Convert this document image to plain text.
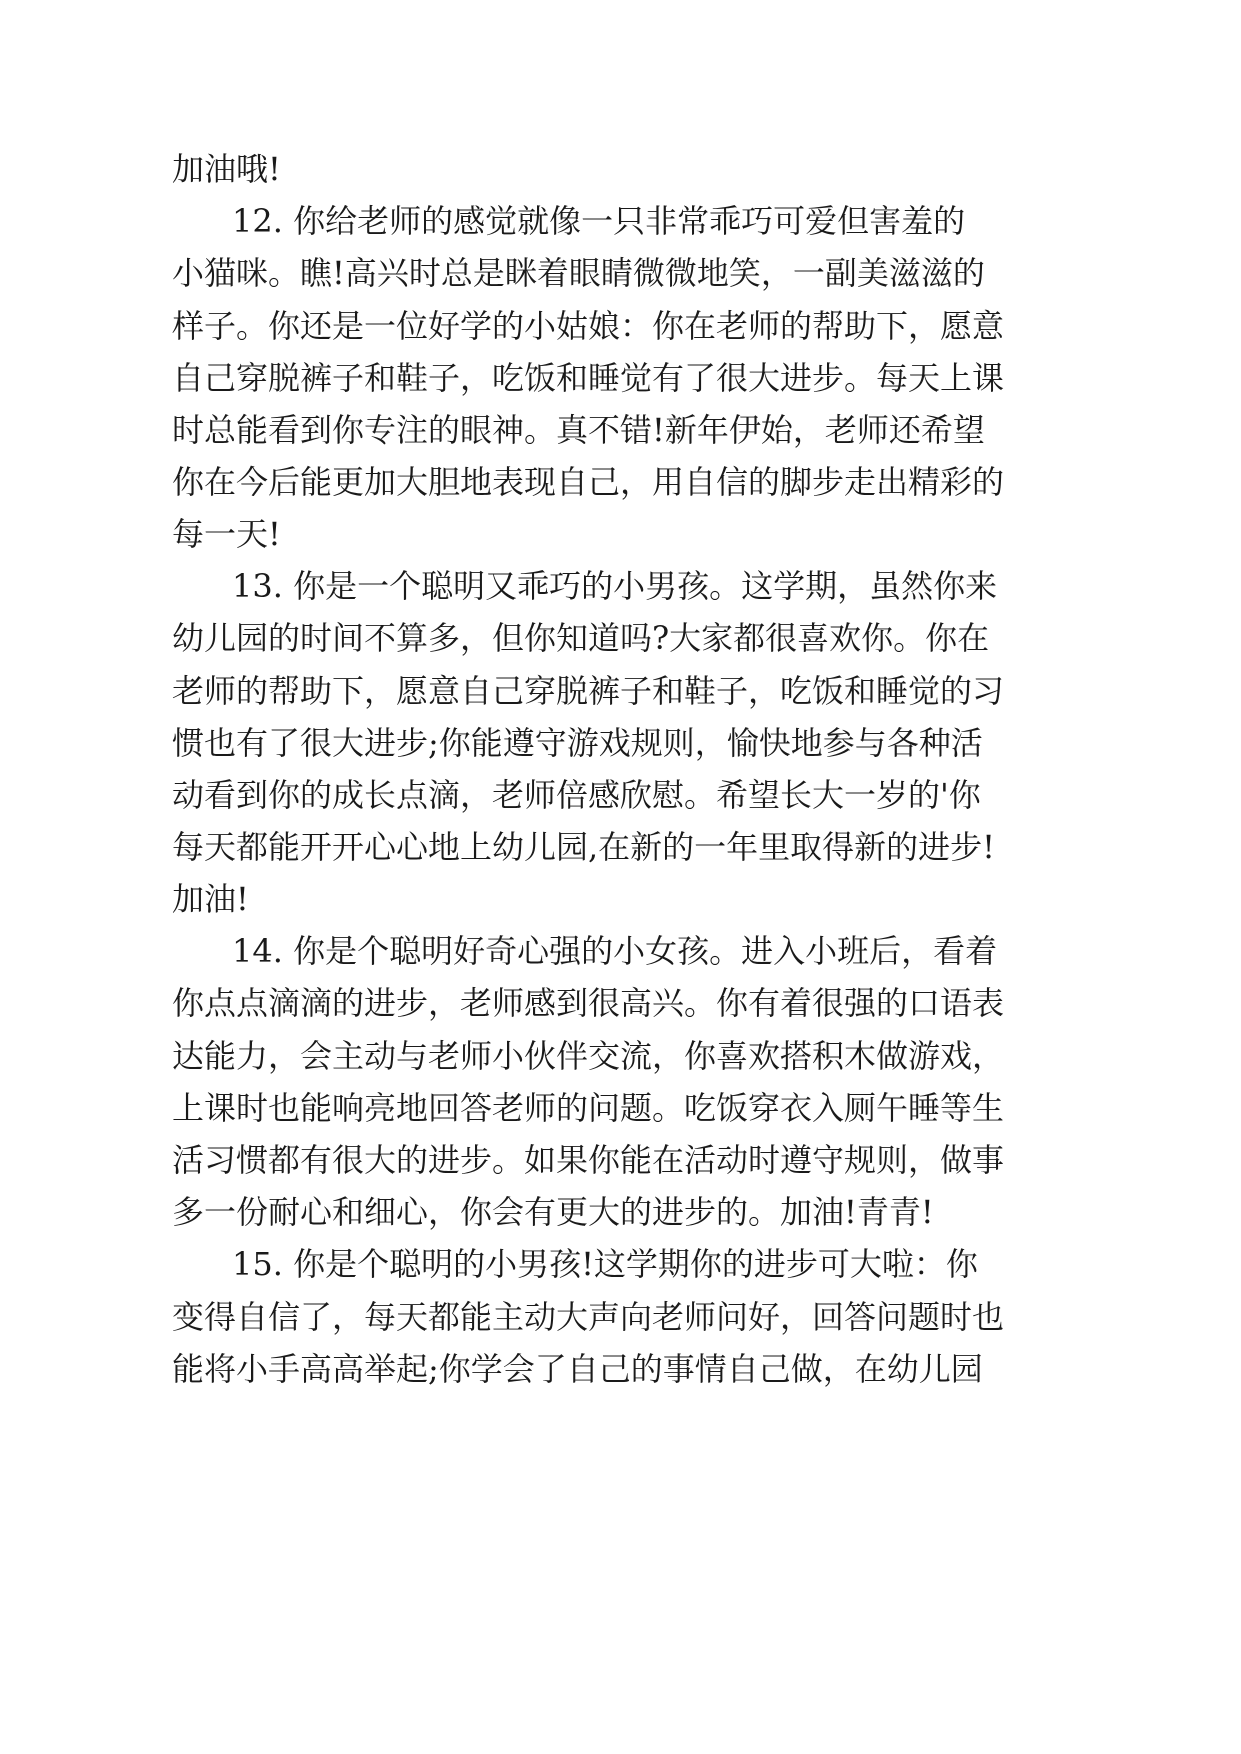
加油哦!
12. 你给老师的感觉就像一只非常乖巧可爱但害羞的
小猫咪。瞧!高兴时总是眯着眼睛微微地笑，一副美滋滋的
样子。你还是一位好学的小姑娘：你在老师的帮助下，愿意
自己穿脱裤子和鞋子，吃饭和睡觉有了很大进步。每天上课
时总能看到你专注的眼神。真不错!新年伊始，老师还希望
你在今后能更加大胆地表现自己，用自信的脚步走出精彩的
每一天!
13. 你是一个聪明又乖巧的小男孩。这学期，虽然你来
幼儿园的时间不算多，但你知道吗?大家都很喜欢你。你在
老师的帮助下，愿意自己穿脱裤子和鞋子，吃饭和睡觉的习
惯也有了很大进步;你能遵守游戏规则，愉快地参与各种活
动看到你的成长点滴，老师倍感欣慰。希望长大一岁的'你
每天都能开开心心地上幼儿园,在新的一年里取得新的进步!
加油!
14. 你是个聪明好奇心强的小女孩。进入小班后，看着
你点点滴滴的进步，老师感到很高兴。你有着很强的口语表
达能力，会主动与老师小伙伴交流，你喜欢搭积木做游戏，
上课时也能响亮地回答老师的问题。吃饭穿衣入厕午睡等生
活习惯都有很大的进步。如果你能在活动时遵守规则，做事
多一份耐心和细心，你会有更大的进步的。加油!青青!
15. 你是个聪明的小男孩!这学期你的进步可大啦：你
变得自信了，每天都能主动大声向老师问好，回答问题时也
能将小手高高举起;你学会了自己的事情自己做，在幼儿园
